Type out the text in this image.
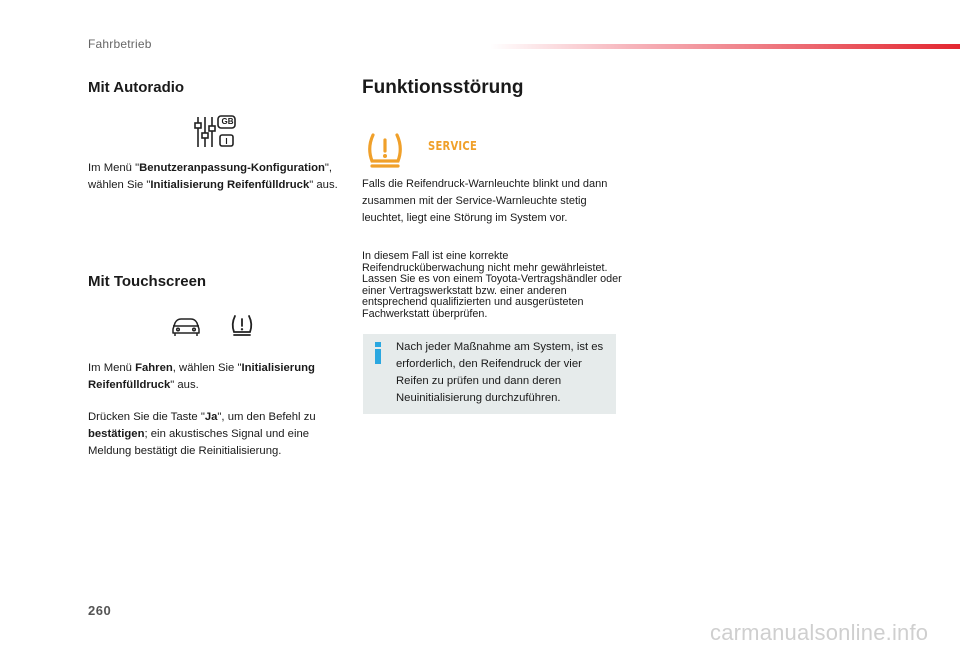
Fahrbetrieb
Mit Autoradio
GB
I
Im Menü "Benutzeranpassung-Konfiguration", wählen Sie "Initialisierung Reifenfülldruck" aus.
Mit Touchscreen
Im Menü Fahren, wählen Sie "Initialisierung Reifenfülldruck" aus.
Drücken Sie die Taste "Ja", um den Befehl zu bestätigen; ein akustisches Signal und eine Meldung bestätigt die Reinitialisierung.
Funktionsstörung
SERVICE
Falls die Reifendruck-Warnleuchte blinkt und dann zusammen mit der Service-Warnleuchte stetig leuchtet, liegt eine Störung im System vor.
In diesem Fall ist eine korrekte Reifendrucküberwachung nicht mehr gewährleistet. Lassen Sie es von einem Toyota-Vertragshändler oder einer Vertragswerkstatt bzw. einer anderen entsprechend qualifizierten und ausgerüsteten Fachwerkstatt überprüfen.
Nach jeder Maßnahme am System, ist es erforderlich, den Reifendruck der vier Reifen zu prüfen und dann deren Neuinitialisierung durchzuführen.
260
carmanualsonline.info
